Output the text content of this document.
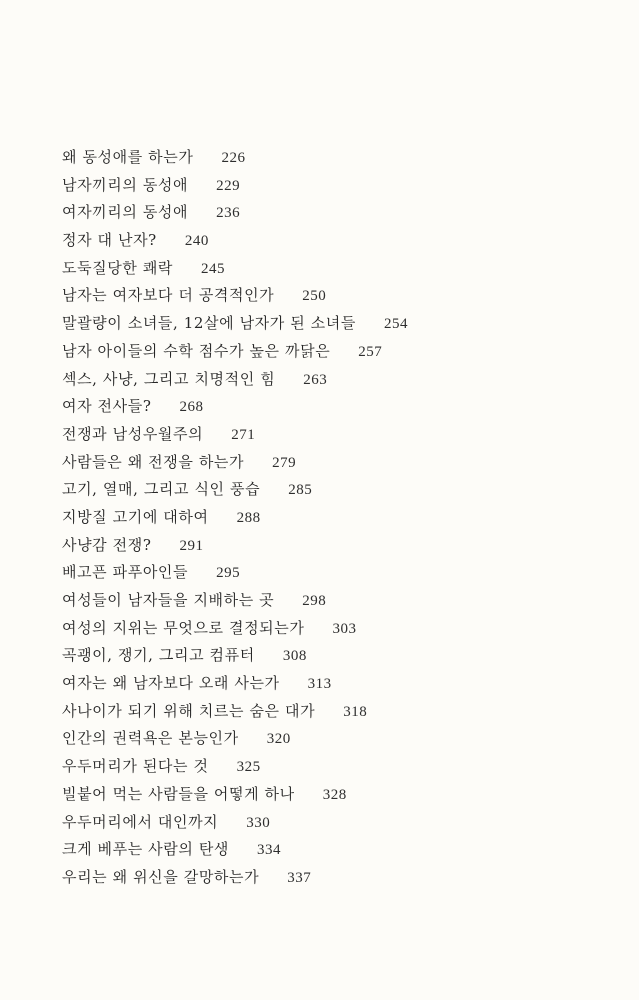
왜 동성애를 하는가 226
남자끼리의 동성애 229
여자끼리의 동성애 236
정자 대 난자? 240
도둑질당한 쾌락 245
남자는 여자보다 더 공격적인가 250
말괄량이 소녀들, 12살에 남자가 된 소녀들 254
남자 아이들의 수학 점수가 높은 까닭은 257
섹스, 사냥, 그리고 치명적인 힘 263
여자 전사들? 268
전쟁과 남성우월주의 271
사람들은 왜 전쟁을 하는가 279
고기, 열매, 그리고 식인 풍습 285
지방질 고기에 대하여 288
사냥감 전쟁? 291
배고픈 파푸아인들 295
여성들이 남자들을 지배하는 곳 298
여성의 지위는 무엇으로 결정되는가 303
곡괭이, 쟁기, 그리고 컴퓨터 308
여자는 왜 남자보다 오래 사는가 313
사나이가 되기 위해 치르는 숨은 대가 318
인간의 권력욕은 본능인가 320
우두머리가 된다는 것 325
빌붙어 먹는 사람들을 어떻게 하나 328
우두머리에서 대인까지 330
크게 베푸는 사람의 탄생 334
우리는 왜 위신을 갈망하는가 337
